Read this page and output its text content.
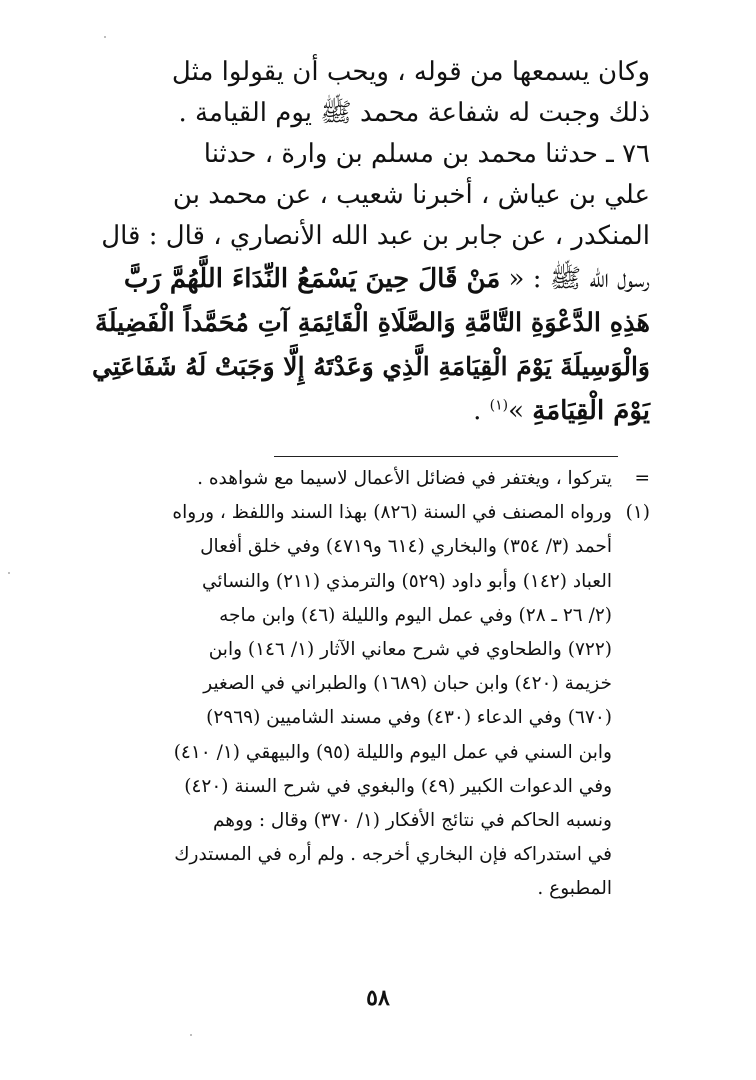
وكان يسمعها من قوله ، ويحب أن يقولوا مثل
ذلك وجبت له شفاعة محمد ﷺ يوم القيامة .

٧٦ ـ حدثنا محمد بن مسلم بن وارة ، حدثنا
علي بن عياش ، أخبرنا شعيب ، عن محمد بن
المنكدر ، عن جابر بن عبد الله الأنصاري ، قال : قال
رسول الله ﷺ : « مَنْ قَالَ حِينَ يَسْمَعُ النِّدَاءَ اللَّهُمَّ رَبَّ
هَذِهِ الدَّعْوَةِ التَّامَّةِ وَالصَّلَاةِ الْقَائِمَةِ آتِ مُحَمَّداً الْفَضِيلَةَ
وَالْوَسِيلَةَ يَوْمَ الْقِيَامَةِ الَّذِي وَعَدْتَهُ إِلَّا وَجَبَتْ لَهُ شَفَاعَتِي
يَوْمَ الْقِيَامَةِ »$^{(١)}$ .

=
يتركوا ، ويغتفر في فضائل الأعمال لاسيما مع شواهده .
(١)
ورواه المصنف في السنة (٨٢٦) بهذا السند واللفظ ، ورواه
أحمد (٣/ ٣٥٤) والبخاري (٦١٤ و٤٧١٩) وفي خلق أفعال
العباد (١٤٢) وأبو داود (٥٢٩) والترمذي (٢١١) والنسائي
(٢/ ٢٦ ـ ٢٨) وفي عمل اليوم والليلة (٤٦) وابن ماجه
(٧٢٢) والطحاوي في شرح معاني الآثار (١/ ١٤٦) وابن
خزيمة (٤٢٠) وابن حبان (١٦٨٩) والطبراني في الصغير
(٦٧٠) وفي الدعاء (٤٣٠) وفي مسند الشاميين (٢٩٦٩)
وابن السني في عمل اليوم والليلة (٩٥) والبيهقي (١/ ٤١٠)
وفي الدعوات الكبير (٤٩) والبغوي في شرح السنة (٤٢٠)
ونسبه الحاكم في نتائج الأفكار (١/ ٣٧٠) وقال : ووهم
في استدراكه فإن البخاري أخرجه . ولم أره في المستدرك
المطبوع .
٥٨
